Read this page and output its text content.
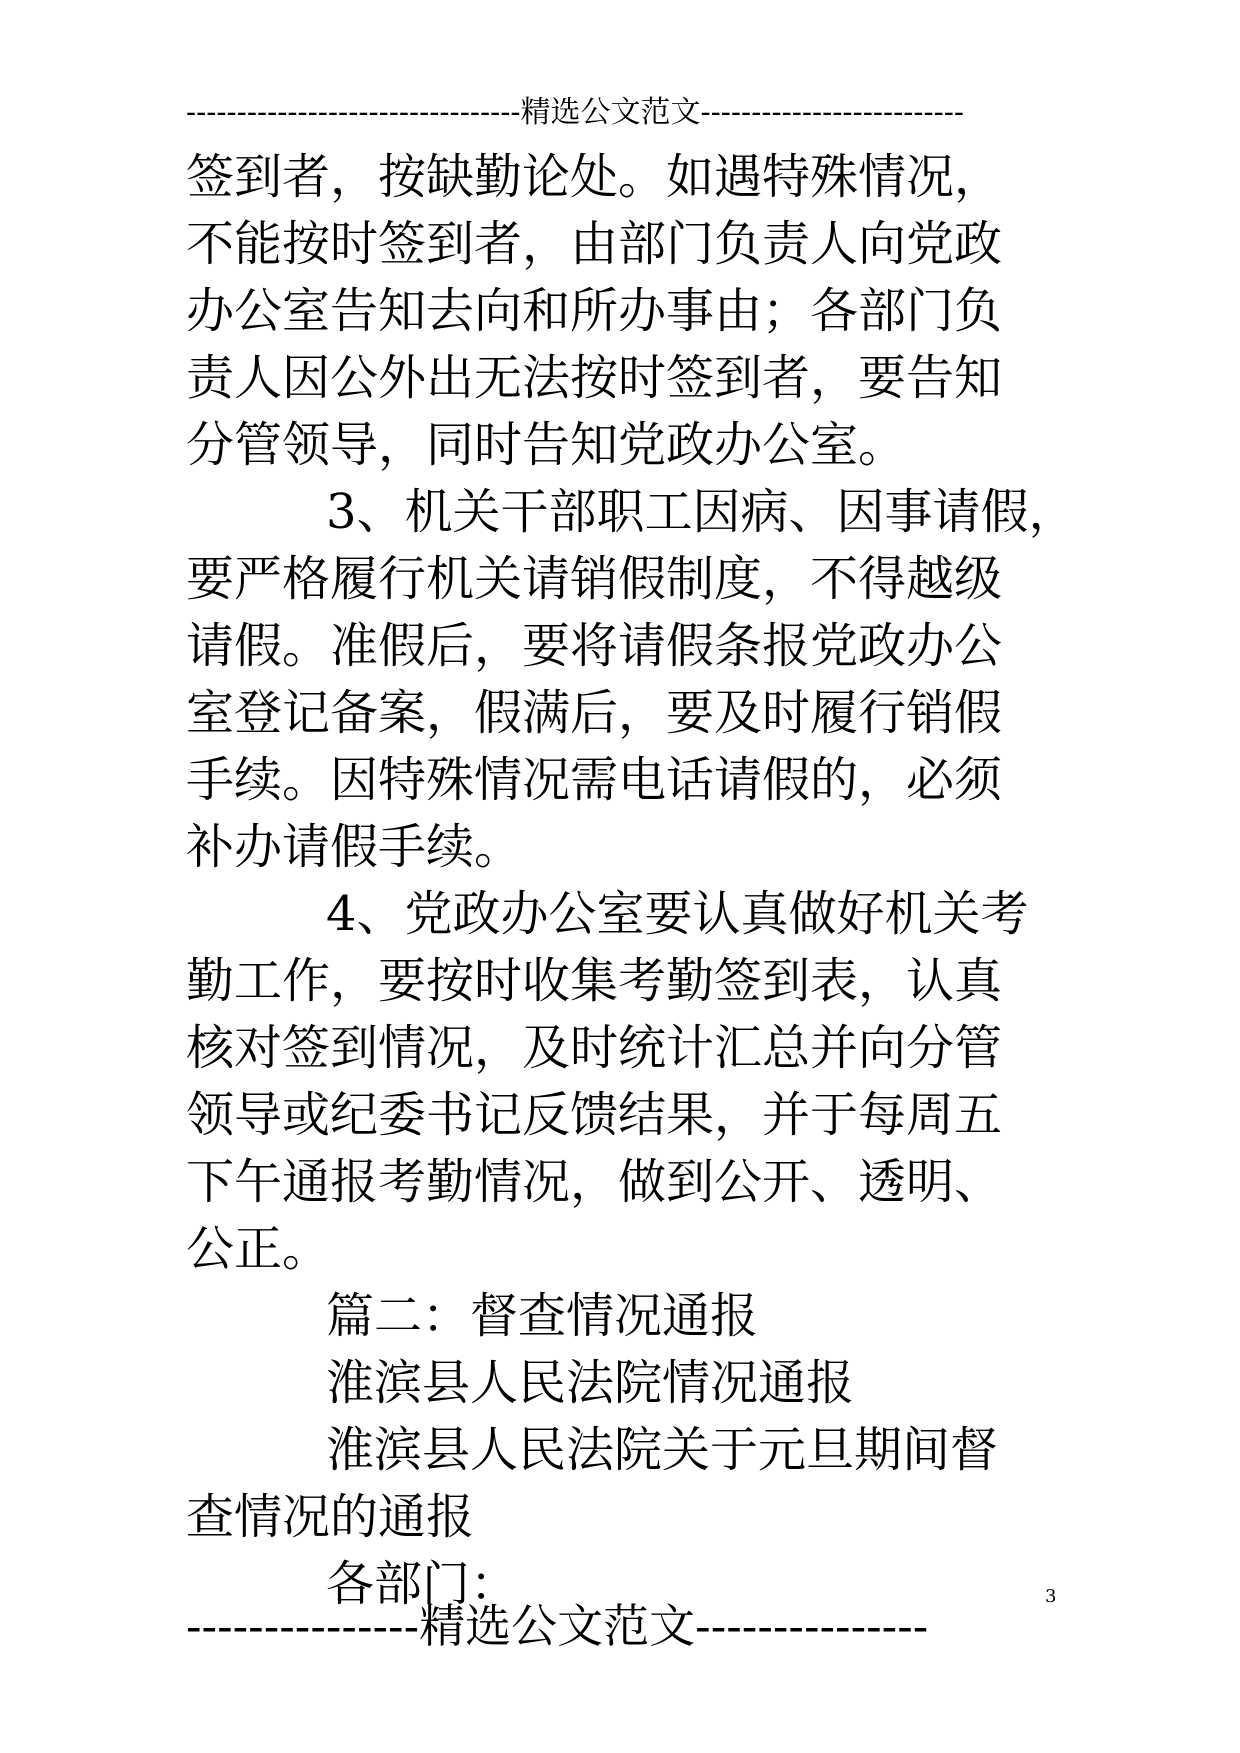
---------------------------------精选公文范文--------------------------
签到者，按缺勤论处。如遇特殊情况，
不能按时签到者，由部门负责人向党政
办公室告知去向和所办事由；各部门负
责人因公外出无法按时签到者，要告知
分管领导，同时告知党政办公室。
3、机关干部职工因病、因事请假，
要严格履行机关请销假制度，不得越级
请假。准假后，要将请假条报党政办公
室登记备案，假满后，要及时履行销假
手续。因特殊情况需电话请假的，必须
补办请假手续。
4、党政办公室要认真做好机关考
勤工作，要按时收集考勤签到表，认真
核对签到情况，及时统计汇总并向分管
领导或纪委书记反馈结果，并于每周五
下午通报考勤情况，做到公开、透明、
公正。
篇二：督查情况通报
淮滨县人民法院情况通报
淮滨县人民法院关于元旦期间督
查情况的通报
各部门：
---------------精选公文范文---------------
3
